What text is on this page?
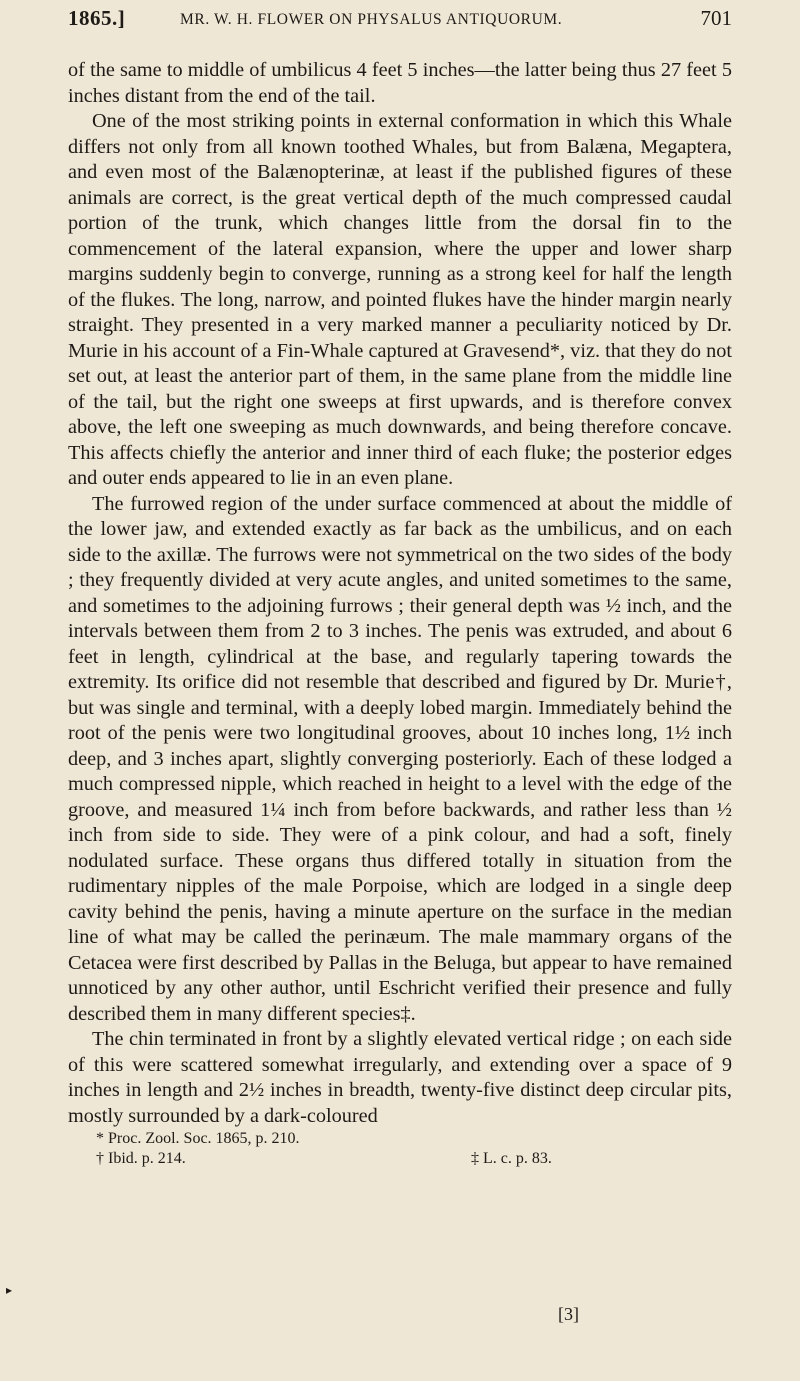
1865.]	MR. W. H. FLOWER ON PHYSALUS ANTIQUORUM.	701

of the same to middle of umbilicus 4 feet 5 inches—the latter being thus 27 feet 5 inches distant from the end of the tail.

One of the most striking points in external conformation in which this Whale differs not only from all known toothed Whales, but from Balæna, Megaptera, and even most of the Balænopterinæ, at least if the published figures of these animals are correct, is the great vertical depth of the much compressed caudal portion of the trunk, which changes little from the dorsal fin to the commencement of the lateral expansion, where the upper and lower sharp margins suddenly begin to converge, running as a strong keel for half the length of the flukes. The long, narrow, and pointed flukes have the hinder margin nearly straight. They presented in a very marked manner a peculiarity noticed by Dr. Murie in his account of a Fin-Whale captured at Gravesend*, viz. that they do not set out, at least the anterior part of them, in the same plane from the middle line of the tail, but the right one sweeps at first upwards, and is therefore convex above, the left one sweeping as much downwards, and being therefore concave. This affects chiefly the anterior and inner third of each fluke; the posterior edges and outer ends appeared to lie in an even plane.

The furrowed region of the under surface commenced at about the middle of the lower jaw, and extended exactly as far back as the umbilicus, and on each side to the axillæ. The furrows were not symmetrical on the two sides of the body ; they frequently divided at very acute angles, and united sometimes to the same, and sometimes to the adjoining furrows ; their general depth was ½ inch, and the intervals between them from 2 to 3 inches. The penis was extruded, and about 6 feet in length, cylindrical at the base, and regularly tapering towards the extremity. Its orifice did not resemble that described and figured by Dr. Murie†, but was single and terminal, with a deeply lobed margin. Immediately behind the root of the penis were two longitudinal grooves, about 10 inches long, 1½ inch deep, and 3 inches apart, slightly converging posteriorly. Each of these lodged a much compressed nipple, which reached in height to a level with the edge of the groove, and measured 1¼ inch from before backwards, and rather less than ½ inch from side to side. They were of a pink colour, and had a soft, finely nodulated surface. These organs thus differed totally in situation from the rudimentary nipples of the male Porpoise, which are lodged in a single deep cavity behind the penis, having a minute aperture on the surface in the median line of what may be called the perinæum. The male mammary organs of the Cetacea were first described by Pallas in the Beluga, but appear to have remained unnoticed by any other author, until Eschricht verified their presence and fully described them in many different species‡.

The chin terminated in front by a slightly elevated vertical ridge ; on each side of this were scattered somewhat irregularly, and extending over a space of 9 inches in length and 2½ inches in breadth, twenty-five distinct deep circular pits, mostly surrounded by a dark-coloured

* Proc. Zool. Soc. 1865, p. 210.
† Ibid. p. 214.	‡ L. c. p. 83.
▸
[3]
